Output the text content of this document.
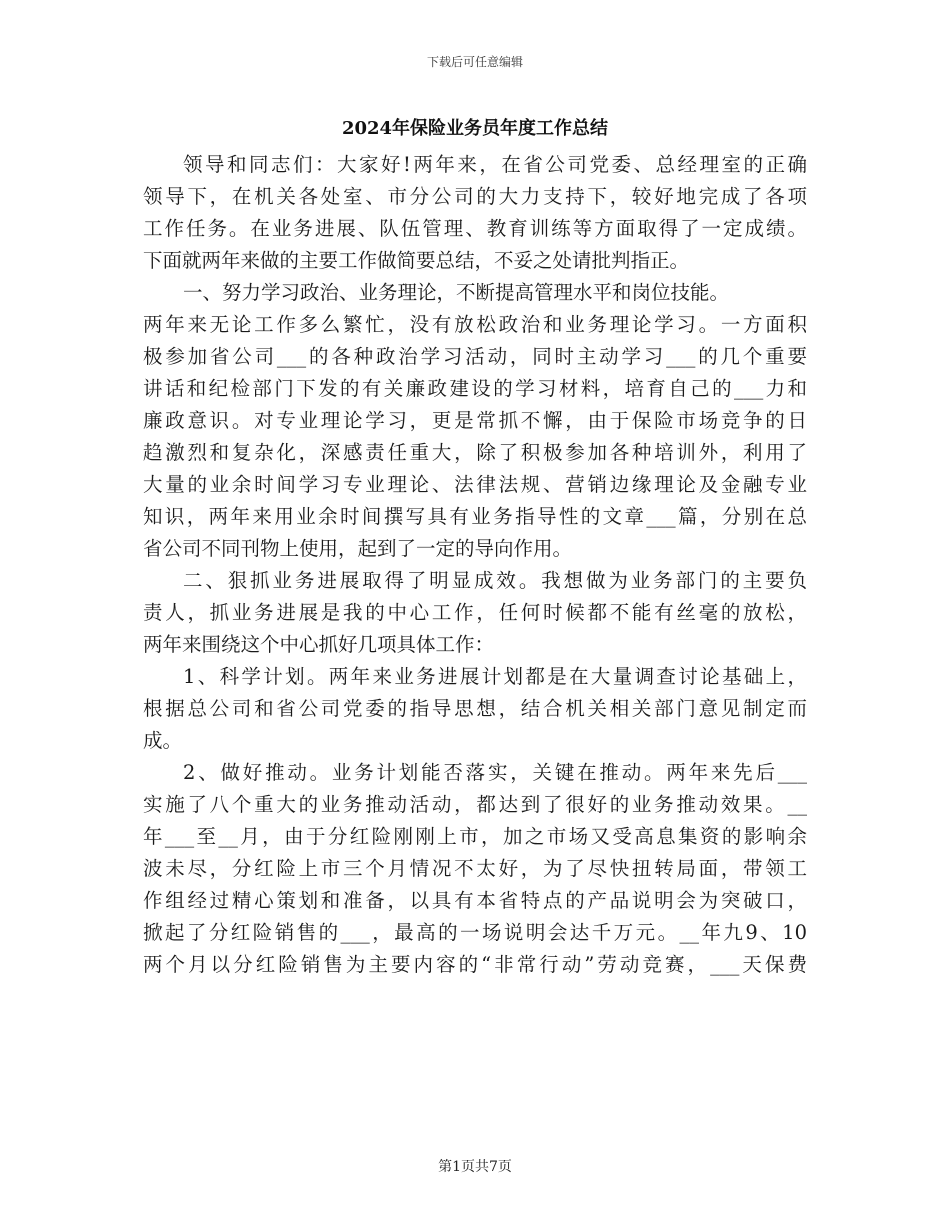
下载后可任意编辑
2024年保险业务员年度工作总结
领导和同志们：大家好!两年来，在省公司党委、总经理室的正确
领导下，在机关各处室、市分公司的大力支持下，较好地完成了各项
工作任务。在业务进展、队伍管理、教育训练等方面取得了一定成绩。
下面就两年来做的主要工作做简要总结，不妥之处请批判指正。
一、努力学习政治、业务理论，不断提高管理水平和岗位技能。
两年来无论工作多么繁忙，没有放松政治和业务理论学习。一方面积
极参加省公司___的各种政治学习活动，同时主动学习___的几个重要
讲话和纪检部门下发的有关廉政建设的学习材料，培育自己的___力和
廉政意识。对专业理论学习，更是常抓不懈，由于保险市场竞争的日
趋激烈和复杂化，深感责任重大，除了积极参加各种培训外，利用了
大量的业余时间学习专业理论、法律法规、营销边缘理论及金融专业
知识，两年来用业余时间撰写具有业务指导性的文章___篇，分别在总
省公司不同刊物上使用，起到了一定的导向作用。
二、狠抓业务进展取得了明显成效。我想做为业务部门的主要负
责人，抓业务进展是我的中心工作，任何时候都不能有丝毫的放松，
两年来围绕这个中心抓好几项具体工作：
1、科学计划。两年来业务进展计划都是在大量调查讨论基础上，
根据总公司和省公司党委的指导思想，结合机关相关部门意见制定而
成。
2、做好推动。业务计划能否落实，关键在推动。两年来先后___
实施了八个重大的业务推动活动，都达到了很好的业务推动效果。__
年___至__月，由于分红险刚刚上市，加之市场又受高息集资的影响余
波未尽，分红险上市三个月情况不太好，为了尽快扭转局面，带领工
作组经过精心策划和准备，以具有本省特点的产品说明会为突破口，
掀起了分红险销售的___，最高的一场说明会达千万元。__年九9、10
两个月以分红险销售为主要内容的“非常行动”劳动竞赛，___天保费
第1页共7页
